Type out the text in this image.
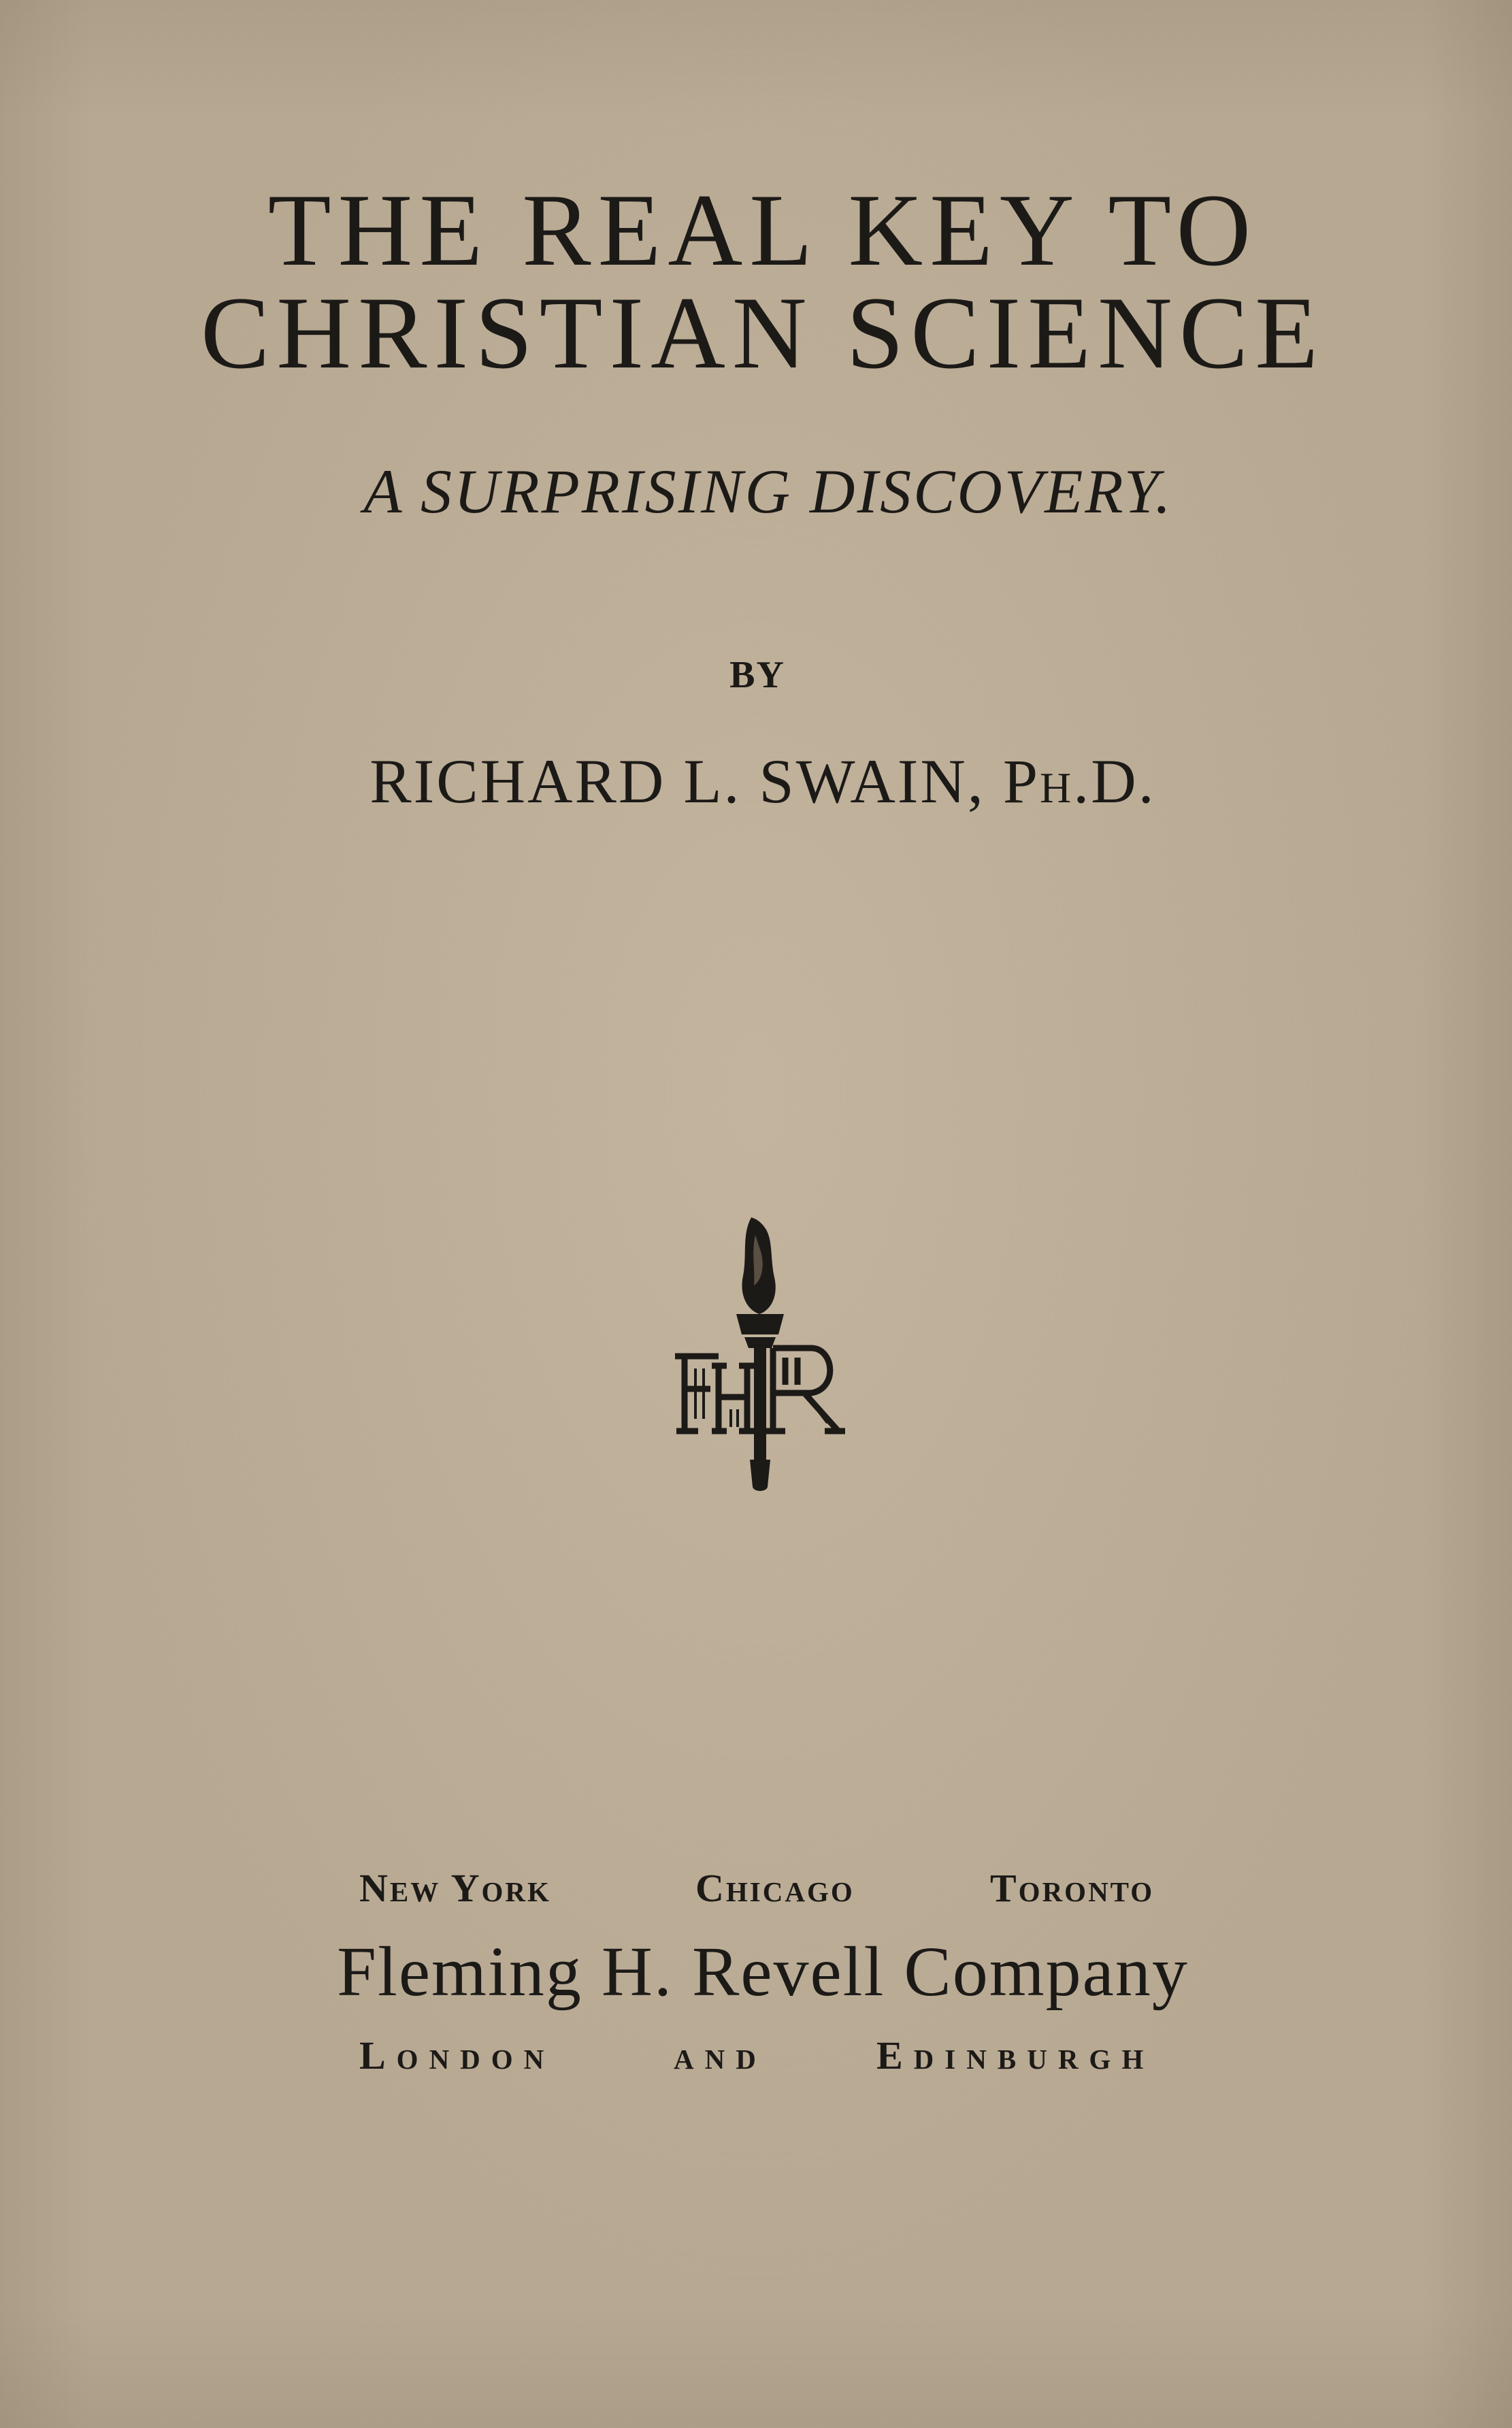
THE REAL KEY TO
CHRISTIAN SCIENCE

A SURPRISING DISCOVERY.

BY

RICHARD L. SWAIN, Ph.D.

New York	Chicago	Toronto

Fleming H. Revell Company

London	and	Edinburgh
